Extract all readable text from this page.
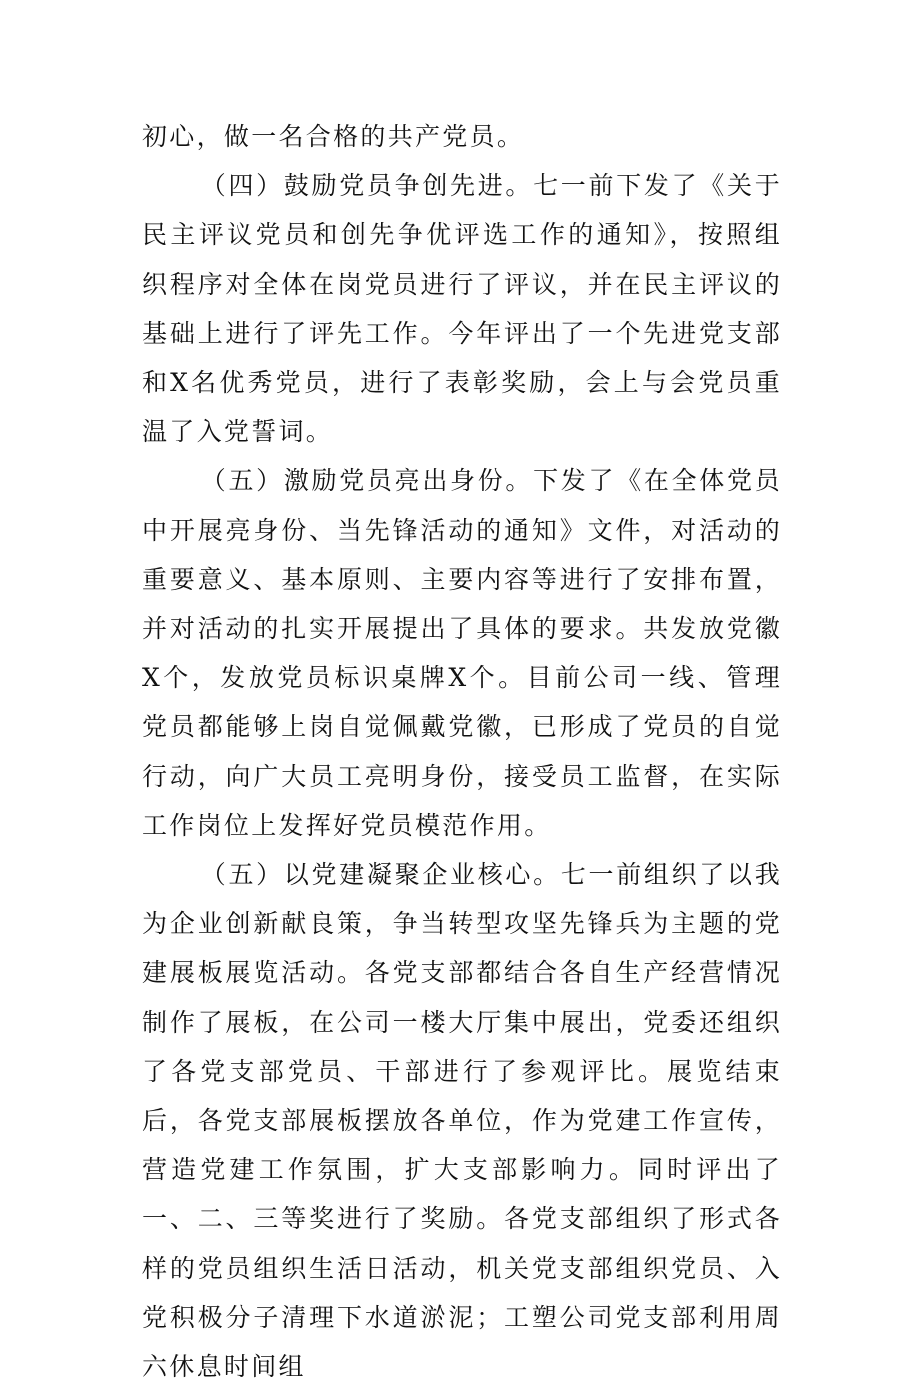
初心，做一名合格的共产党员。

（四）鼓励党员争创先进。七一前下发了《关于民主评议党员和创先争优评选工作的通知》，按照组织程序对全体在岗党员进行了评议，并在民主评议的基础上进行了评先工作。今年评出了一个先进党支部和X名优秀党员，进行了表彰奖励，会上与会党员重温了入党誓词。

（五）激励党员亮出身份。下发了《在全体党员中开展亮身份、当先锋活动的通知》文件，对活动的重要意义、基本原则、主要内容等进行了安排布置，并对活动的扎实开展提出了具体的要求。共发放党徽X个，发放党员标识桌牌X个。目前公司一线、管理党员都能够上岗自觉佩戴党徽，已形成了党员的自觉行动，向广大员工亮明身份，接受员工监督，在实际工作岗位上发挥好党员模范作用。

（五）以党建凝聚企业核心。七一前组织了以我为企业创新献良策，争当转型攻坚先锋兵为主题的党建展板展览活动。各党支部都结合各自生产经营情况制作了展板，在公司一楼大厅集中展出，党委还组织了各党支部党员、干部进行了参观评比。展览结束后，各党支部展板摆放各单位，作为党建工作宣传，营造党建工作氛围，扩大支部影响力。同时评出了一、二、三等奖进行了奖励。各党支部组织了形式各样的党员组织生活日活动，机关党支部组织党员、入党积极分子清理下水道淤泥；工塑公司党支部利用周六休息时间组
